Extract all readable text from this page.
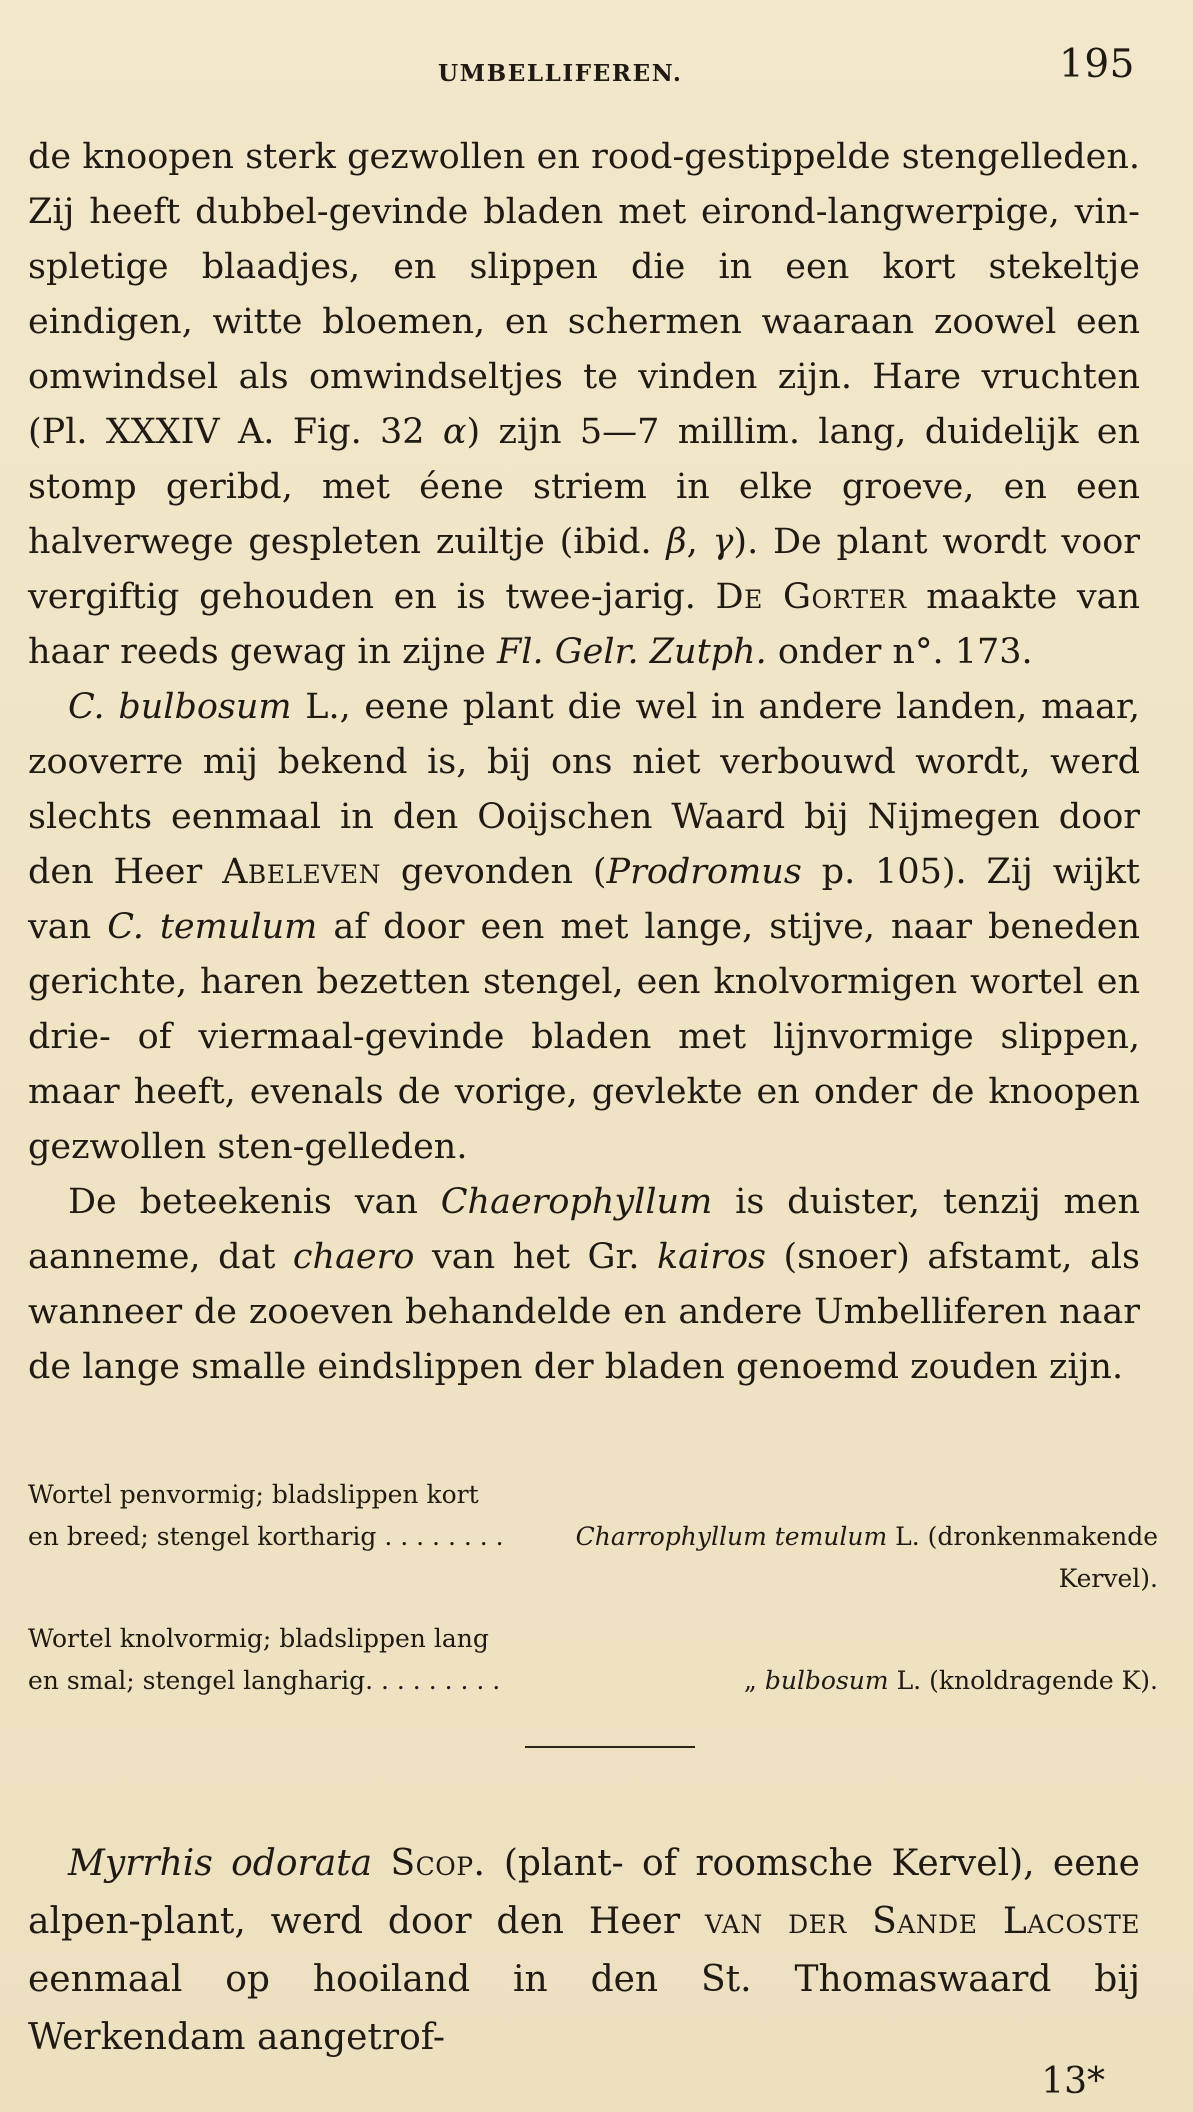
UMBELLIFEREN.	195

de knoopen sterk gezwollen en rood-gestippelde stengelleden. Zij heeft dubbel-gevinde bladen met eirond-langwerpige, vin-spletige blaadjes, en slippen die in een kort stekeltje eindigen, witte bloemen, en schermen waaraan zoowel een omwindsel als omwindseltjes te vinden zijn. Hare vruchten (Pl. XXXIV A. Fig. 32 α) zijn 5—7 millim. lang, duidelijk en stomp geribd, met éene striem in elke groeve, en een halverwege gespleten zuiltje (ibid. β, γ). De plant wordt voor vergiftig gehouden en is twee-jarig. De Gorter maakte van haar reeds gewag in zijne Fl. Gelr. Zutph. onder n°. 173.

C. bulbosum L., eene plant die wel in andere landen, maar, zooverre mij bekend is, bij ons niet verbouwd wordt, werd slechts eenmaal in den Ooijschen Waard bij Nijmegen door den Heer Abeleven gevonden (Prodromus p. 105). Zij wijkt van C. temulum af door een met lange, stijve, naar beneden gerichte, haren bezetten stengel, een knolvormigen wortel en drie- of viermaal-gevinde bladen met lijnvormige slippen, maar heeft, evenals de vorige, gevlekte en onder de knoopen gezwollen sten-gelleden.

De beteekenis van Chaerophyllum is duister, tenzij men aanneme, dat chaero van het Gr. kairos (snoer) afstamt, als wanneer de zooeven behandelde en andere Umbelliferen naar de lange smalle eindslippen der bladen genoemd zouden zijn.

Wortel penvormig; bladslippen kort
en breed; stengel kortharig . . . . . . . .	Charrophyllum temulum L. (dronkenmakende
Kervel).
Wortel knolvormig; bladslippen lang
en smal; stengel langharig. . . . . . . . .	„ bulbosum L. (knoldragende K).

Myrrhis odorata Scop. (plant- of roomsche Kervel), eene alpen-plant, werd door den Heer van der Sande Lacoste eenmaal op hooiland in den St. Thomaswaard bij Werkendam aangetrof-

13*
